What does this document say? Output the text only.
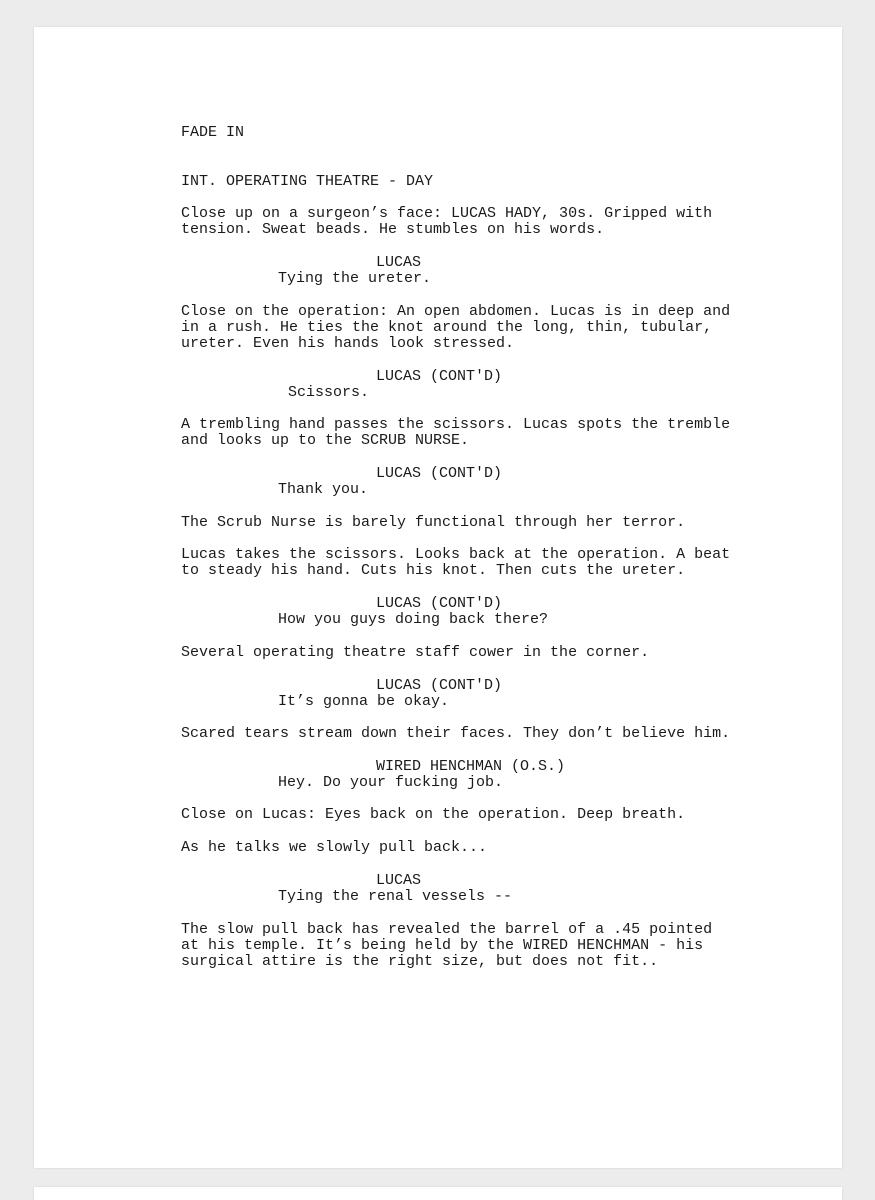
FADE IN
INT. OPERATING THEATRE - DAY
Close up on a surgeon’s face: LUCAS HADY, 30s. Gripped with
tension. Sweat beads. He stumbles on his words.
LUCAS
Tying the ureter.
Close on the operation: An open abdomen. Lucas is in deep and
in a rush. He ties the knot around the long, thin, tubular,
ureter. Even his hands look stressed.
LUCAS (CONT'D)
Scissors.
A trembling hand passes the scissors. Lucas spots the tremble
and looks up to the SCRUB NURSE.
LUCAS (CONT'D)
Thank you.
The Scrub Nurse is barely functional through her terror.
Lucas takes the scissors. Looks back at the operation. A beat
to steady his hand. Cuts his knot. Then cuts the ureter.
LUCAS (CONT'D)
How you guys doing back there?
Several operating theatre staff cower in the corner.
LUCAS (CONT'D)
It’s gonna be okay.
Scared tears stream down their faces. They don’t believe him.
WIRED HENCHMAN (O.S.)
Hey. Do your fucking job.
Close on Lucas: Eyes back on the operation. Deep breath.
As he talks we slowly pull back...
LUCAS
Tying the renal vessels --
The slow pull back has revealed the barrel of a .45 pointed
at his temple. It’s being held by the WIRED HENCHMAN - his
surgical attire is the right size, but does not fit..
